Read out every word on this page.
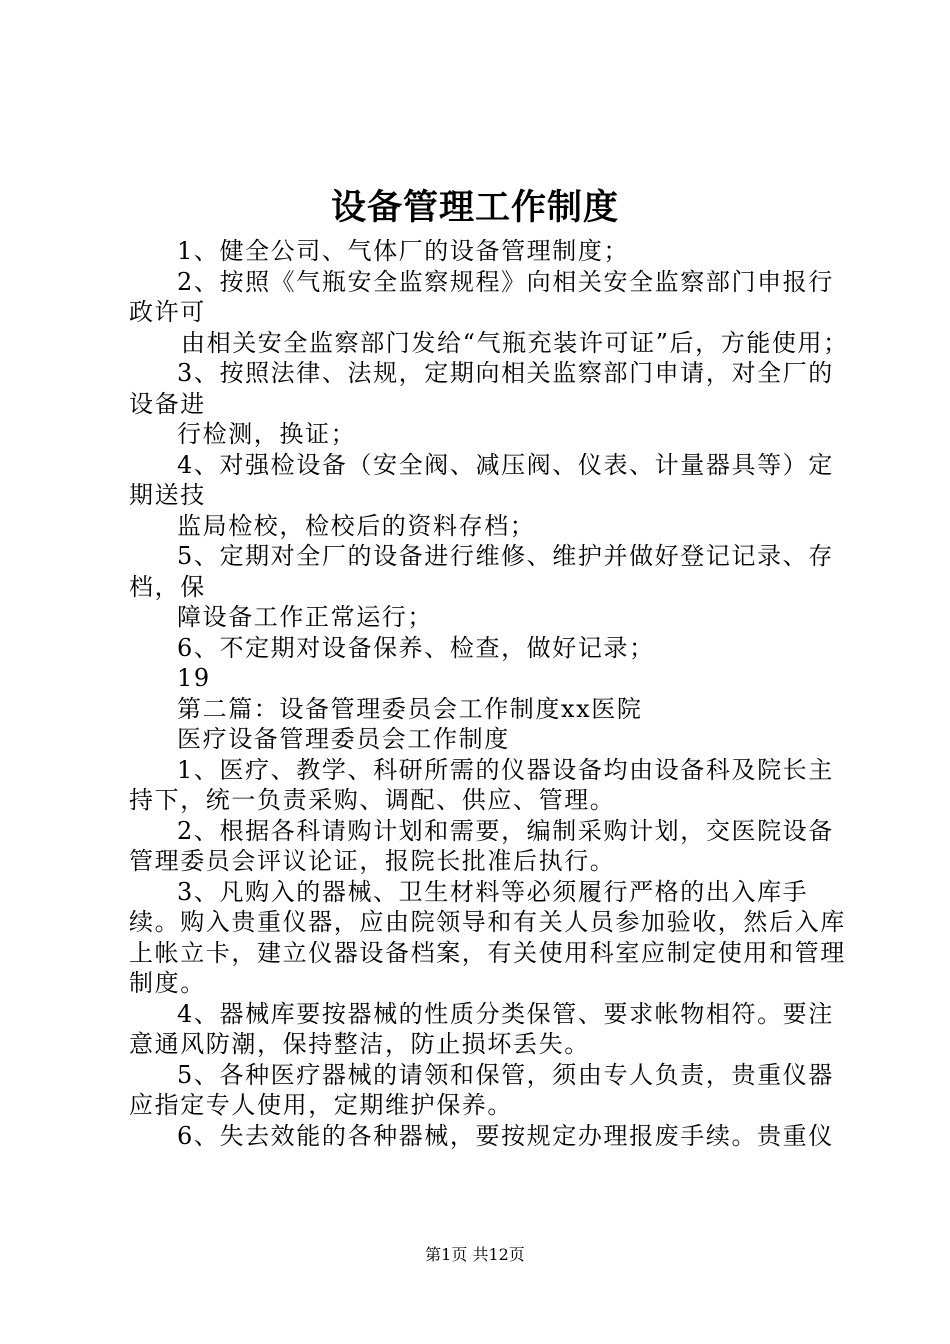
设备管理工作制度

1、健全公司、气体厂的设备管理制度；

2、按照《气瓶安全监察规程》向相关安全监察部门申报行政许可

由相关安全监察部门发给“气瓶充装许可证”后，方能使用；

3、按照法律、法规，定期向相关监察部门申请，对全厂的设备进

行检测，换证；

4、对强检设备（安全阀、减压阀、仪表、计量器具等）定期送技

监局检校，检校后的资料存档；

5、定期对全厂的设备进行维修、维护并做好登记记录、存档，保

障设备工作正常运行；

6、不定期对设备保养、检查，做好记录；

19

第二篇：设备管理委员会工作制度xx医院

医疗设备管理委员会工作制度

1、医疗、教学、科研所需的仪器设备均由设备科及院长主持下，统一负责采购、调配、供应、管理。

2、根据各科请购计划和需要，编制采购计划，交医院设备管理委员会评议论证，报院长批准后执行。

3、凡购入的器械、卫生材料等必须履行严格的出入库手续。购入贵重仪器，应由院领导和有关人员参加验收，然后入库上帐立卡，建立仪器设备档案，有关使用科室应制定使用和管理制度。

4、器械库要按器械的性质分类保管、要求帐物相符。要注意通风防潮，保持整洁，防止损坏丢失。

5、各种医疗器械的请领和保管，须由专人负责，贵重仪器应指定专人使用，定期维护保养。

6、失去效能的各种器械，要按规定办理报废手续。贵重仪

第1页 共12页
